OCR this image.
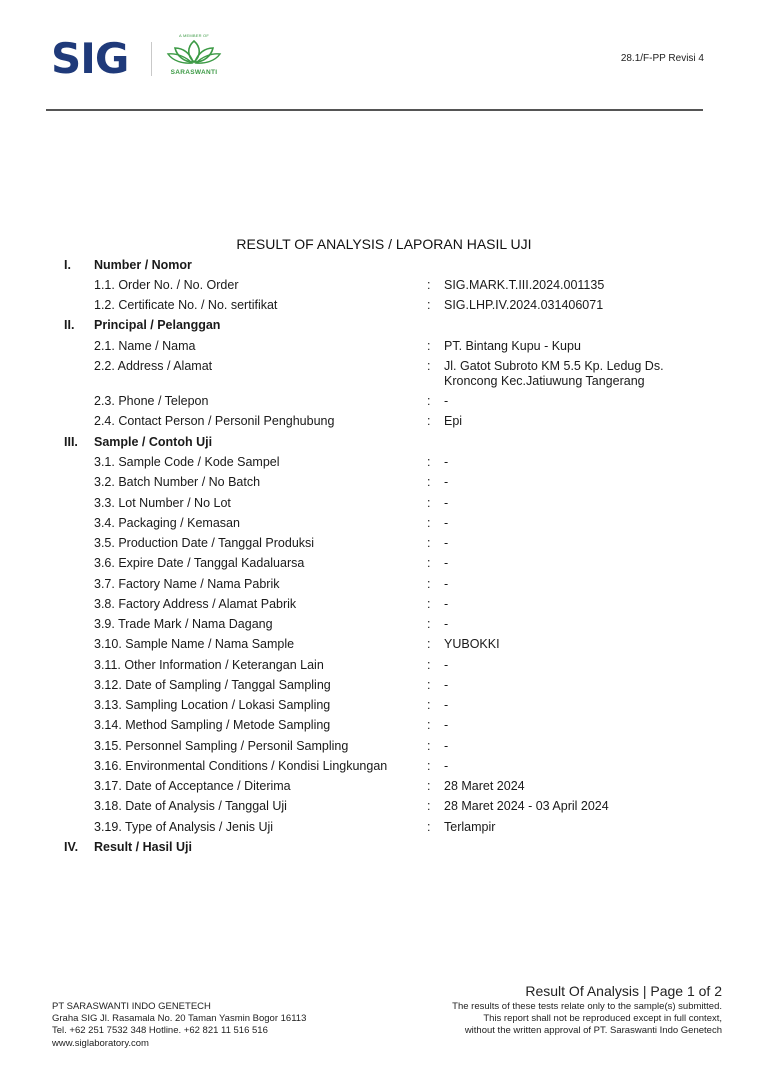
SIG	A MEMBER OF
SARASWANTI
28.1/F-PP Revisi 4
RESULT OF ANALYSIS / LAPORAN HASIL UJI
I. Number / Nomor
1.1. Order No. / No. Order	: SIG.MARK.T.III.2024.001135
1.2. Certificate No. / No. sertifikat	: SIG.LHP.IV.2024.031406071
II. Principal / Pelanggan
2.1. Name / Nama	: PT. Bintang Kupu - Kupu
2.2. Address / Alamat	: Jl. Gatot Subroto KM 5.5 Kp. Ledug Ds.
Kroncong Kec.Jatiuwung Tangerang
2.3. Phone / Telepon	: -
2.4. Contact Person / Personil Penghubung	: Epi
III. Sample / Contoh Uji
3.1. Sample Code / Kode Sampel	: -
3.2. Batch Number / No Batch	: -
3.3. Lot Number / No Lot	: -
3.4. Packaging / Kemasan	: -
3.5. Production Date / Tanggal Produksi	: -
3.6. Expire Date / Tanggal Kadaluarsa	: -
3.7. Factory Name / Nama Pabrik	: -
3.8. Factory Address / Alamat Pabrik	: -
3.9. Trade Mark / Nama Dagang	: -
3.10. Sample Name / Nama Sample	: YUBOKKI
3.11. Other Information / Keterangan Lain	: -
3.12. Date of Sampling / Tanggal Sampling	: -
3.13. Sampling Location / Lokasi Sampling	: -
3.14. Method Sampling / Metode Sampling	: -
3.15. Personnel Sampling / Personil Sampling	: -
3.16. Environmental Conditions / Kondisi Lingkungan	: -
3.17. Date of Acceptance / Diterima	: 28 Maret 2024
3.18. Date of Analysis / Tanggal Uji	: 28 Maret 2024 - 03 April 2024
3.19. Type of Analysis / Jenis Uji	: Terlampir
IV. Result / Hasil Uji
Result Of Analysis | Page 1 of 2
PT SARASWANTI INDO GENETECH
Graha SIG Jl. Rasamala No. 20 Taman Yasmin Bogor 16113
Tel. +62 251 7532 348 Hotline. +62 821 11 516 516
www.siglaboratory.com
The results of these tests relate only to the sample(s) submitted.
This report shall not be reproduced except in full context,
without the written approval of PT. Saraswanti Indo Genetech
